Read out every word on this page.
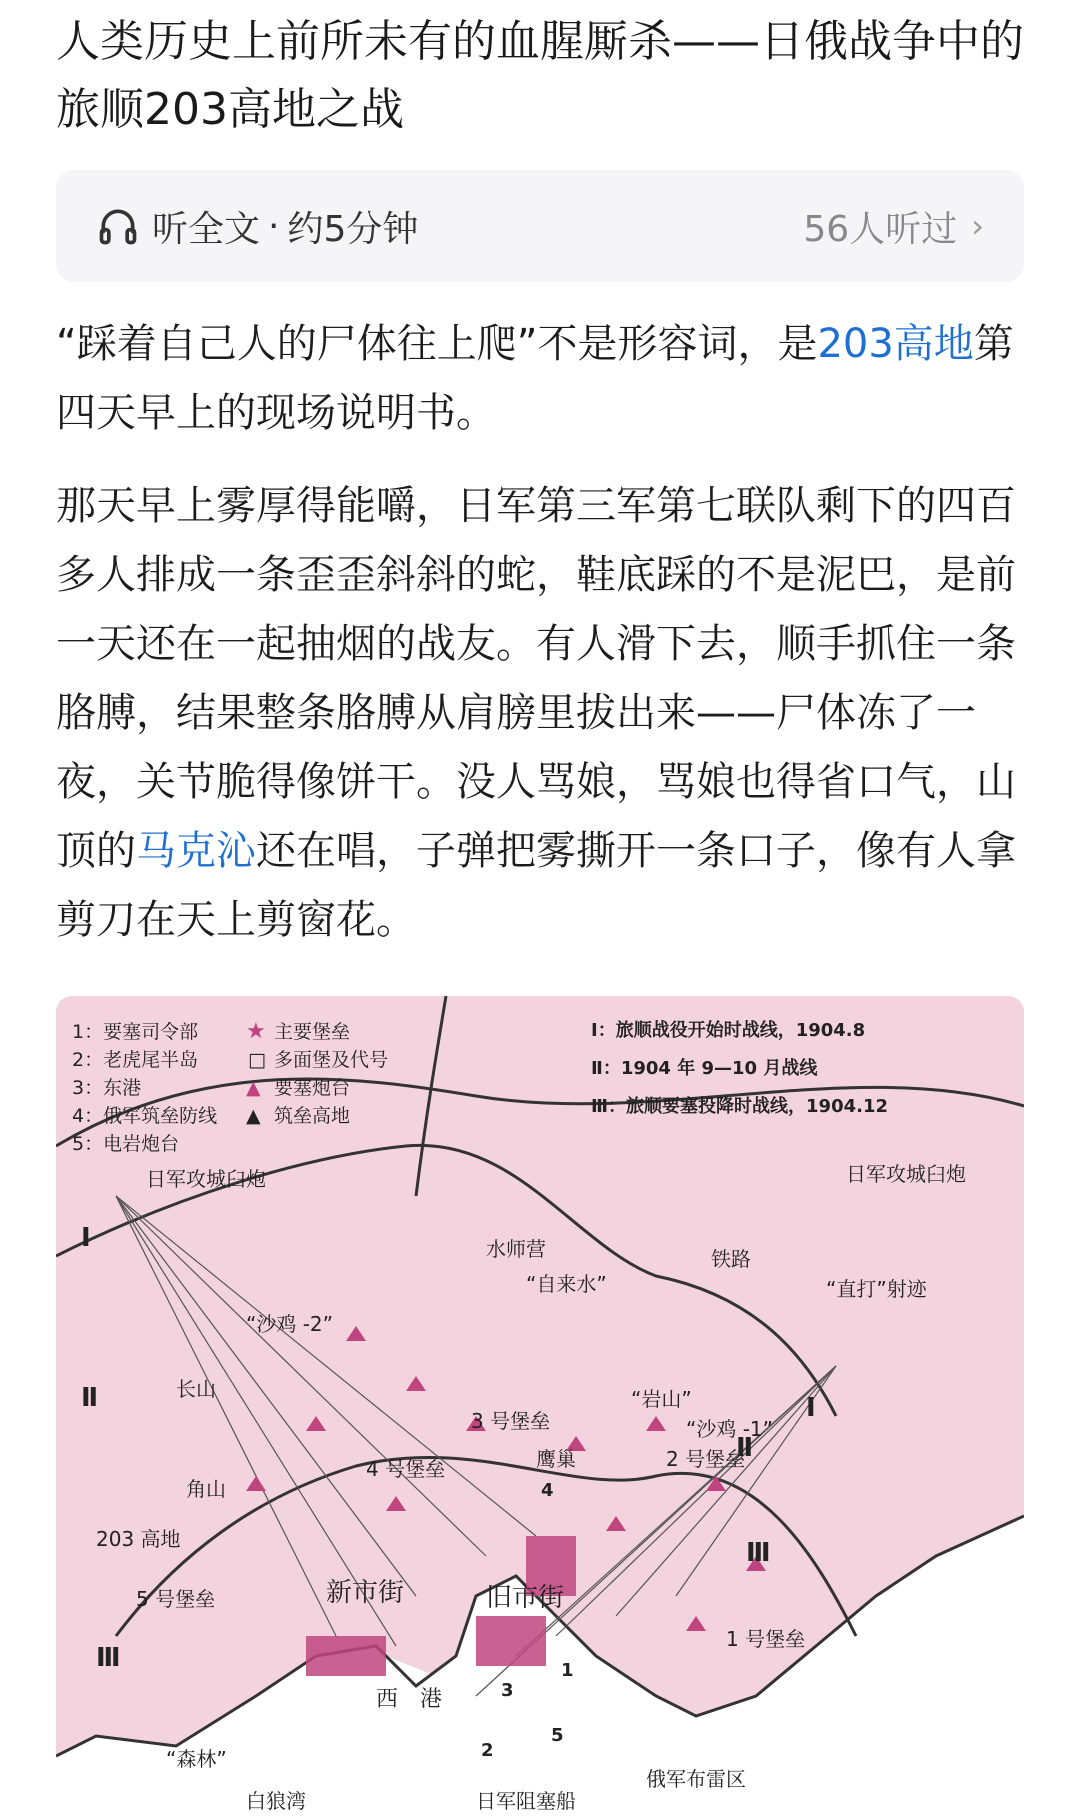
人类历史上前所未有的血腥厮杀——日俄战争中的旅顺203高地之战
听全文 · 约5分钟	56人听过 ›
“踩着自己人的尸体往上爬”不是形容词，是203高地第四天早上的现场说明书。
那天早上雾厚得能嚼，日军第三军第七联队剩下的四百多人排成一条歪歪斜斜的蛇，鞋底踩的不是泥巴，是前一天还在一起抽烟的战友。有人滑下去，顺手抓住一条胳膊，结果整条胳膊从肩膀里拔出来——尸体冻了一夜，关节脆得像饼干。没人骂娘，骂娘也得省口气，山顶的马克沁还在唱，子弹把雾撕开一条口子，像有人拿剪刀在天上剪窗花。
1：要塞司令部
2：老虎尾半岛
3：东港
4：俄军筑垒防线
5：电岩炮台
★ 主要堡垒
□ 多面堡及代号
▲ 要塞炮台
▲ 筑垒高地
Ⅰ：旅顺战役开始时战线，1904.8
Ⅱ：1904 年 9—10 月战线
Ⅲ：旅顺要塞投降时战线，1904.12
日军攻城臼炮	日军攻城臼炮
水师营
“自来水”
铁路
“直打”射迹
“沙鸡 -2”
长山	“岩山”
“沙鸡 -1”
3 号堡垒
鹰巢	2 号堡垒
4 号堡垒
角山
203 高地
5 号堡垒	新市街	旧市街
1 号堡垒
西　港
“森林”
白狼湾	日军阻塞船
俄军布雷区
Ⅰ
Ⅱ
Ⅲ
Ⅰ
Ⅱ
Ⅲ
1
2
3
4
5
